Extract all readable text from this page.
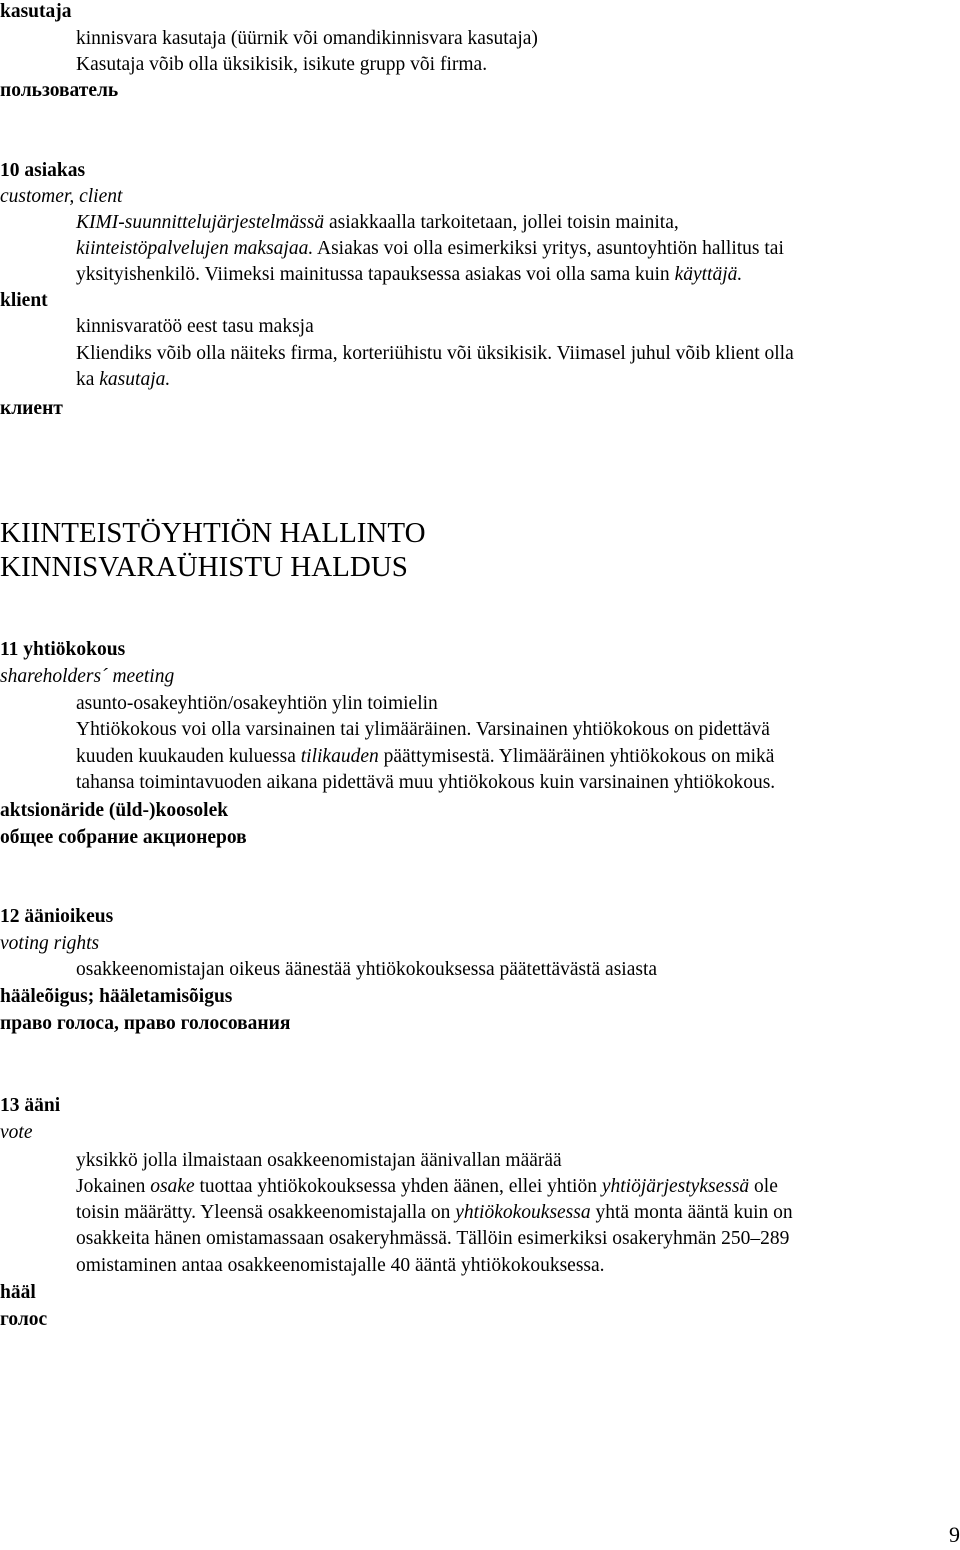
kasutaja
kinnisvara kasutaja (üürnik või omandikinnisvara kasutaja)
Kasutaja võib olla üksikisik, isikute grupp või firma.
пользователь
10 asiakas
customer, client
KIMI-suunnittelujärjestelmässä asiakkaalla tarkoitetaan, jollei toisin mainita,
kiinteistöpalvelujen maksajaa. Asiakas voi olla esimerkiksi yritys, asuntoyhtiön hallitus tai
yksityishenkilö. Viimeksi mainitussa tapauksessa asiakas voi olla sama kuin käyttäjä.
klient
kinnisvaratöö eest tasu maksja
Kliendiks võib olla näiteks firma, korteriühistu või üksikisik. Viimasel juhul võib klient olla
ka kasutaja.
клиент
KIINTEISTÖYHTIÖN HALLINTO
KINNISVARAÜHISTU HALDUS
11 yhtiökokous
shareholders´ meeting
asunto-osakeyhtiön/osakeyhtiön ylin toimielin
Yhtiökokous voi olla varsinainen tai ylimääräinen. Varsinainen yhtiökokous on pidettävä
kuuden kuukauden kuluessa tilikauden päättymisestä. Ylimääräinen yhtiökokous on mikä
tahansa toimintavuoden aikana pidettävä muu yhtiökokous kuin varsinainen yhtiökokous.
aktsionäride (üld-)koosolek
общее собрание акционеров
12 äänioikeus
voting rights
osakkeenomistajan oikeus äänestää yhtiökokouksessa päätettävästä asiasta
hääleõigus; hääletamisõigus
право голоса, право голосования
13 ääni
vote
yksikkö jolla ilmaistaan osakkeenomistajan äänivallan määrää
Jokainen osake tuottaa yhtiökokouksessa yhden äänen, ellei yhtiön yhtiöjärjestyksessä ole
toisin määrätty. Yleensä osakkeenomistajalla on yhtiökokouksessa yhtä monta ääntä kuin on
osakkeita hänen omistamassaan osakeryhmässä. Tällöin esimerkiksi osakeryhmän 250–289
omistaminen antaa osakkeenomistajalle 40 ääntä yhtiökokouksessa.
hääl
голос
9
